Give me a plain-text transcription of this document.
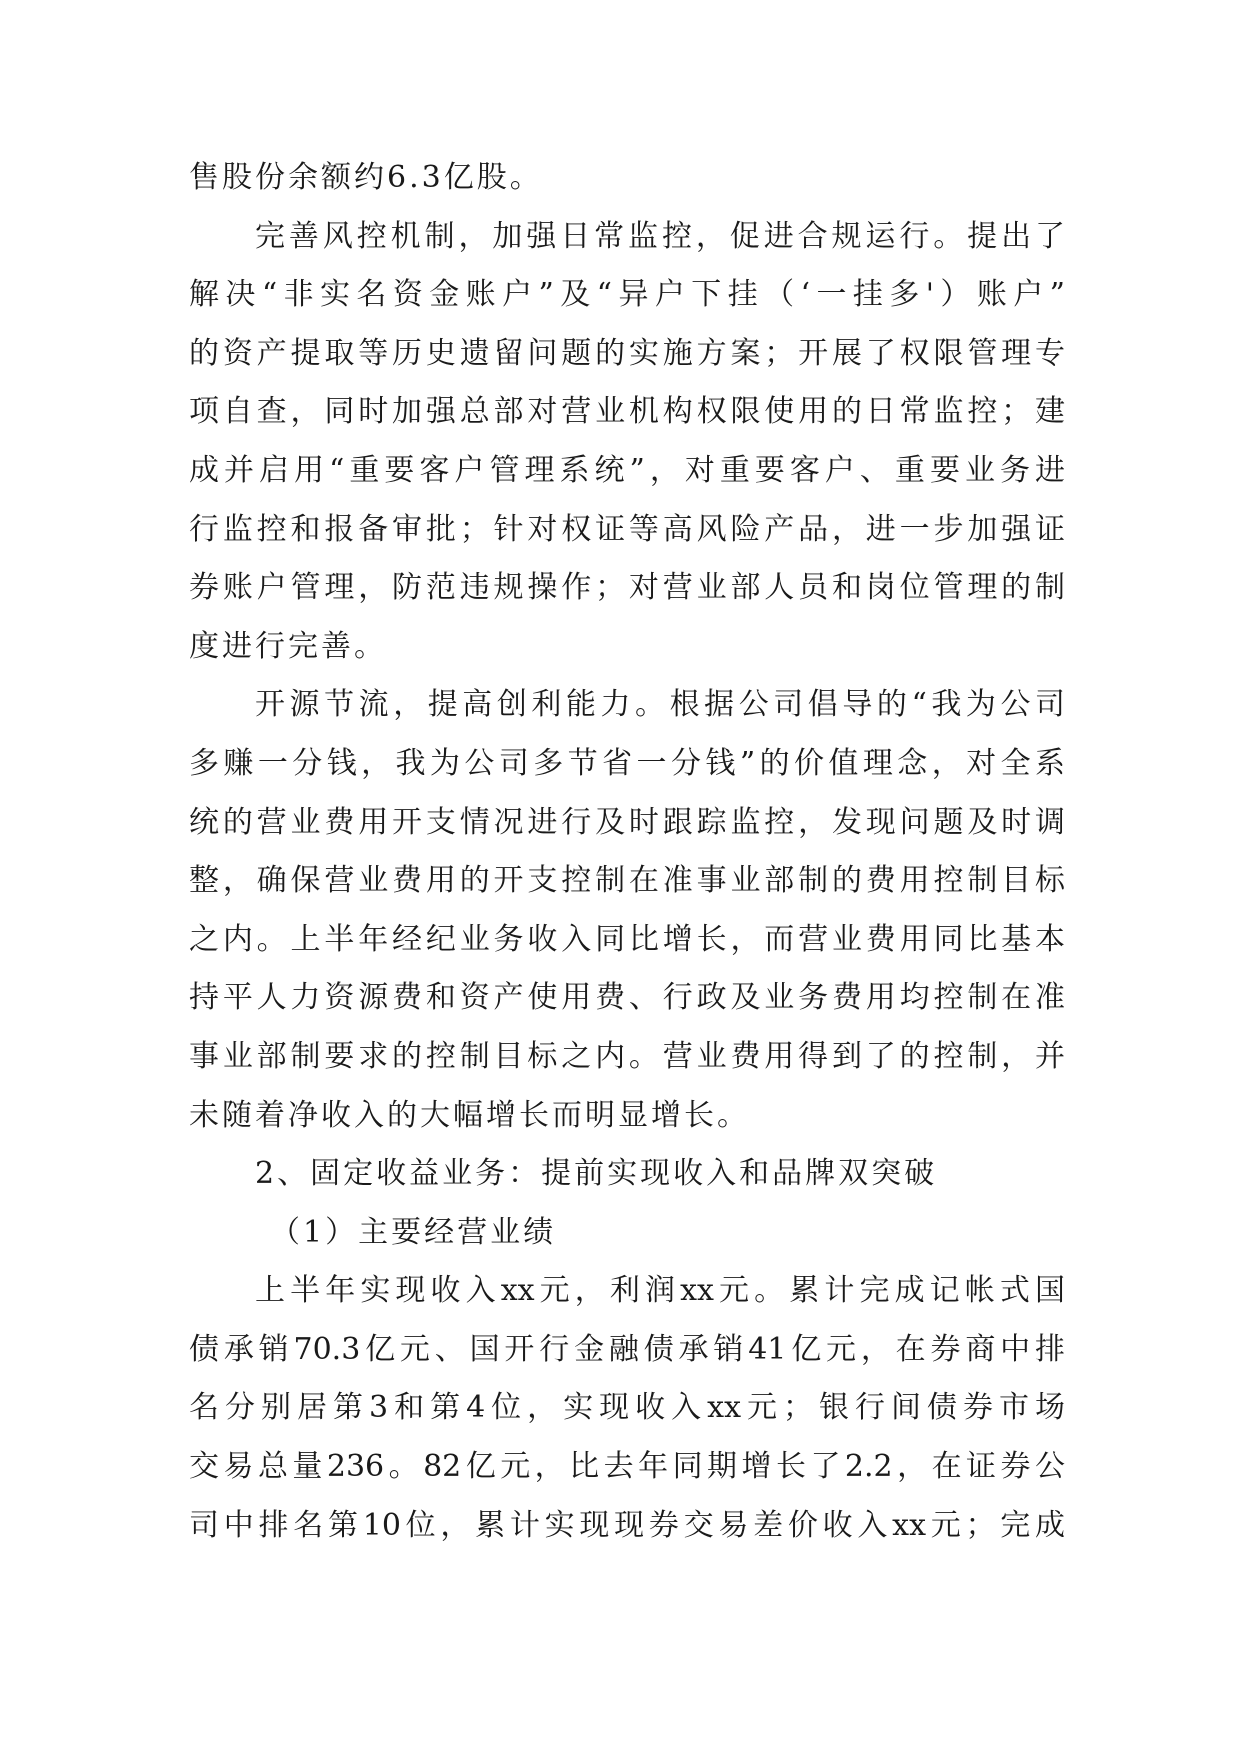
售股份余额约6.3亿股。
完善风控机制，加强日常监控，促进合规运行。提出了
解决“非实名资金账户”及“异户下挂（‘一挂多'）账户”
的资产提取等历史遗留问题的实施方案；开展了权限管理专
项自查，同时加强总部对营业机构权限使用的日常监控；建
成并启用“重要客户管理系统”，对重要客户、重要业务进
行监控和报备审批；针对权证等高风险产品，进一步加强证
券账户管理，防范违规操作；对营业部人员和岗位管理的制
度进行完善。
开源节流，提高创利能力。根据公司倡导的“我为公司
多赚一分钱，我为公司多节省一分钱”的价值理念，对全系
统的营业费用开支情况进行及时跟踪监控，发现问题及时调
整，确保营业费用的开支控制在准事业部制的费用控制目标
之内。上半年经纪业务收入同比增长，而营业费用同比基本
持平人力资源费和资产使用费、行政及业务费用均控制在准
事业部制要求的控制目标之内。营业费用得到了的控制，并
未随着净收入的大幅增长而明显增长。
2、固定收益业务：提前实现收入和品牌双突破
（1）主要经营业绩
上半年实现收入xx元，利润xx元。累计完成记帐式国
债承销70.3亿元、国开行金融债承销41亿元，在券商中排
名分别居第3和第4位，实现收入xx元；银行间债券市场
交易总量236。82亿元，比去年同期增长了2.2，在证券公
司中排名第10位，累计实现现券交易差价收入xx元；完成
